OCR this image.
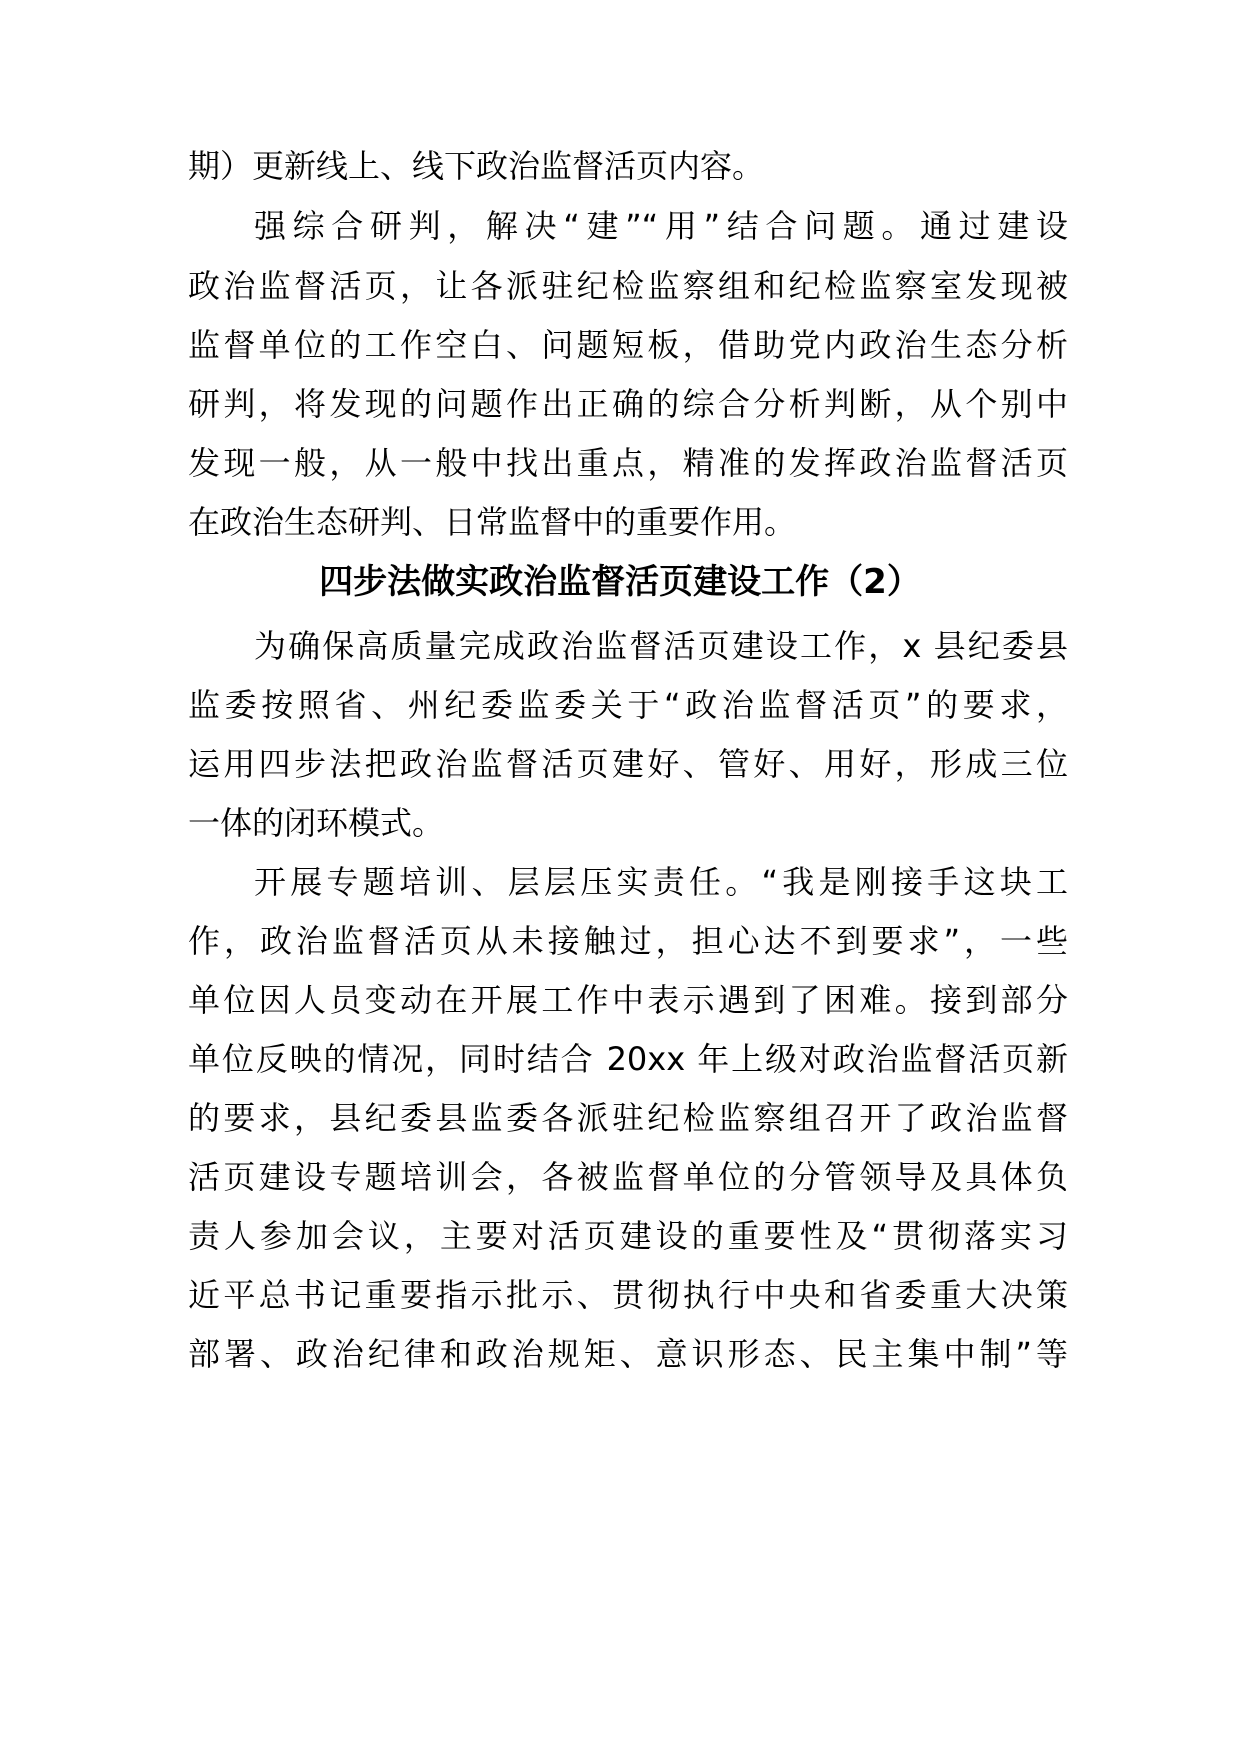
期）更新线上、线下政治监督活页内容。
强综合研判，解决“建”“用”结合问题。通过建设
政治监督活页，让各派驻纪检监察组和纪检监察室发现被
监督单位的工作空白、问题短板，借助党内政治生态分析
研判，将发现的问题作出正确的综合分析判断，从个别中
发现一般，从一般中找出重点，精准的发挥政治监督活页
在政治生态研判、日常监督中的重要作用。
四步法做实政治监督活页建设工作（2）
为确保高质量完成政治监督活页建设工作，x 县纪委县
监委按照省、州纪委监委关于“政治监督活页”的要求，
运用四步法把政治监督活页建好、管好、用好，形成三位
一体的闭环模式。
开展专题培训、层层压实责任。“我是刚接手这块工
作，政治监督活页从未接触过，担心达不到要求”，一些
单位因人员变动在开展工作中表示遇到了困难。接到部分
单位反映的情况，同时结合 20xx 年上级对政治监督活页新
的要求，县纪委县监委各派驻纪检监察组召开了政治监督
活页建设专题培训会，各被监督单位的分管领导及具体负
责人参加会议，主要对活页建设的重要性及“贯彻落实习
近平总书记重要指示批示、贯彻执行中央和省委重大决策
部署、政治纪律和政治规矩、意识形态、民主集中制”等
